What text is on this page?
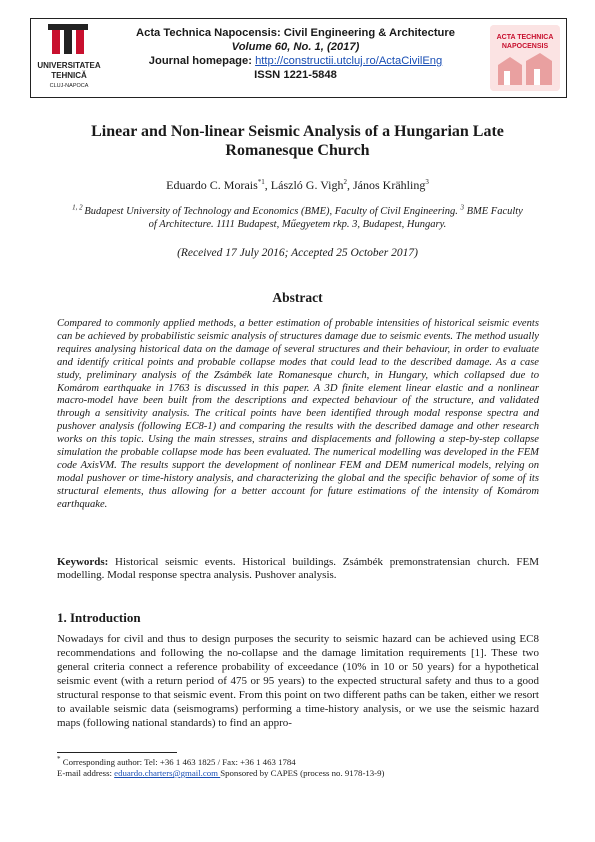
UNIVERSITATEA
TEHNICĂ
CLUJ-NAPOCA
Acta Technica Napocensis: Civil Engineering & Architecture
Volume 60, No. 1, (2017)
Journal homepage: http://constructii.utcluj.ro/ActaCivilEng
ISSN 1221-5848
ACTA TECHNICA
NAPOCENSIS
Linear and Non-linear Seismic Analysis of a Hungarian Late
Romanesque Church
Eduardo C. Morais$^{*1}$, László G. Vigh$^2$, János Krähling$^3$
$^{1, 2}$ Budapest University of Technology and Economics (BME), Faculty of Civil Engineering. $^3$ BME Faculty of Architecture. 1111 Budapest, Műegyetem rkp. 3, Budapest, Hungary.
(Received 17 July 2016; Accepted 25 October 2017)
Abstract
Compared to commonly applied methods, a better estimation of probable intensities of historical seismic events can be achieved by probabilistic seismic analysis of structures damage due to seismic events. The method usually requires analysing historical data on the damage of several structures and their behaviour, in order to evaluate and identify critical points and probable collapse modes that could lead to the described damage. As a case study, preliminary analysis of the Zsámbék late Romanesque church, in Hungary, which collapsed due to Komárom earthquake in 1763 is discussed in this paper. A 3D finite element linear elastic and a nonlinear macro-model have been built from the descriptions and expected behaviour of the structure, and validated through a sensitivity analysis. The critical points have been identified through modal response spectra and pushover analysis (following EC8-1) and comparing the results with the described damage and other research works on this topic. Using the main stresses, strains and displacements and following a step-by-step collapse simulation the probable collapse mode has been evaluated. The numerical modelling was developed in the FEM code AxisVM. The results support the development of nonlinear FEM and DEM numerical models, relying on modal pushover or time-history analysis, and characterizing the global and the specific behavior of some of its structural elements, thus allowing for a better account for future estimations of the intensity of Komárom earthquake.
Keywords: Historical seismic events. Historical buildings. Zsámbék premonstratensian church. FEM modelling. Modal response spectra analysis. Pushover analysis.
1. Introduction
Nowadays for civil and thus to design purposes the security to seismic hazard can be achieved using EC8 recommendations and following the no-collapse and the damage limitation requirements [1]. These two general criteria connect a reference probability of exceedance (10% in 10 or 50 years) for a hypothetical seismic event (with a return period of 475 or 95 years) to the expected structural safety and thus to a good structural response to that seismic event. From this point on two different paths can be taken, either we resort to available seismic data (seismograms) performing a time-history analysis, or we use the seismic hazard maps (following national standards) to find an appro-
* Corresponding author: Tel: +36 1 463 1825 / Fax: +36 1 463 1784
E-mail address: eduardo.charters@gmail.com Sponsored by CAPES (process no. 9178-13-9)
